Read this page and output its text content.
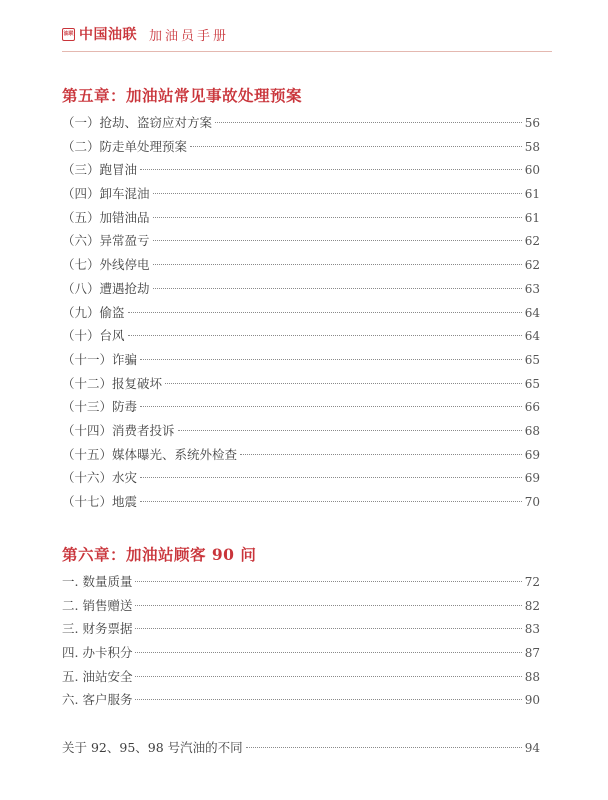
油联 中国油联 加油员手册
第五章：加油站常见事故处理预案
（一）抢劫、盗窃应对方案	56
（二）防走单处理预案	58
（三）跑冒油	60
（四）卸车混油	61
（五）加错油品	61
（六）异常盈亏	62
（七）外线停电	62
（八）遭遇抢劫	63
（九）偷盗	64
（十）台风	64
（十一）诈骗	65
（十二）报复破坏	65
（十三）防毒	66
（十四）消费者投诉	68
（十五）媒体曝光、系统外检查	69
（十六）水灾	69
（十七）地震	70
第六章：加油站顾客 90 问
一. 数量质量	72
二. 销售赠送	82
三. 财务票据	83
四. 办卡积分	87
五. 油站安全	88
六. 客户服务	90
关于 92、95、98 号汽油的不同	94
